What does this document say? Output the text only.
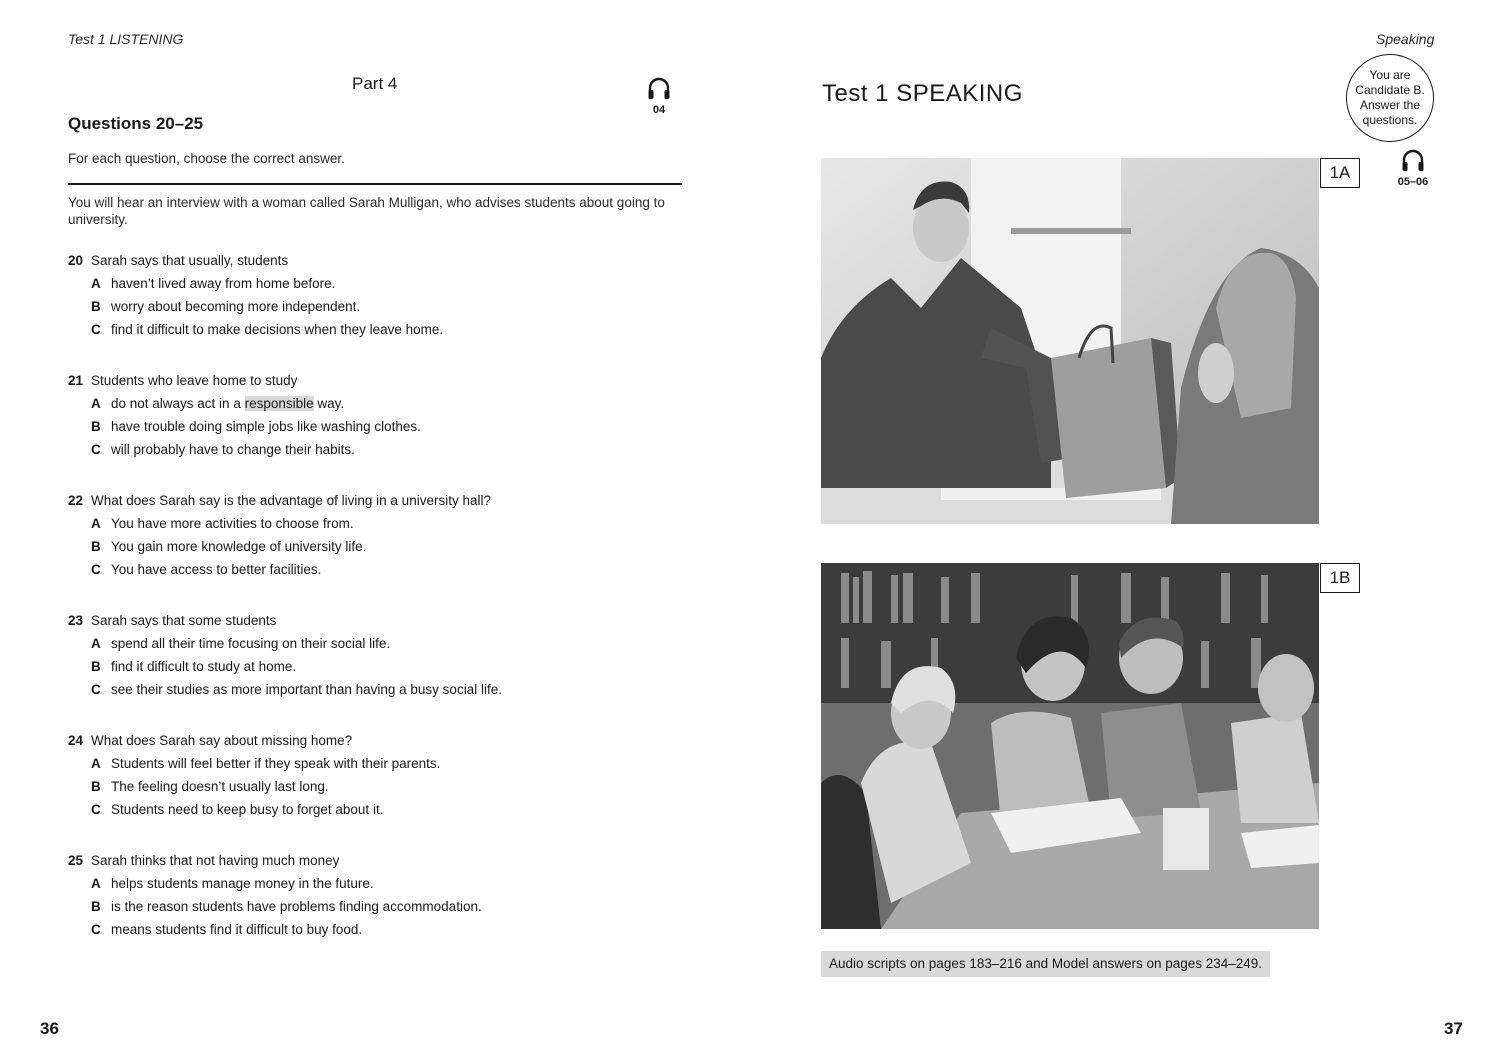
Test 1 LISTENING
Part 4
04
Questions 20–25
For each question, choose the correct answer.
You will hear an interview with a woman called Sarah Mulligan, who advises students about going to university.
20 Sarah says that usually, students
A haven’t lived away from home before.
B worry about becoming more independent.
C find it difficult to make decisions when they leave home.
21 Students who leave home to study
A do not always act in a responsible way.
B have trouble doing simple jobs like washing clothes.
C will probably have to change their habits.
22 What does Sarah say is the advantage of living in a university hall?
A You have more activities to choose from.
B You gain more knowledge of university life.
C You have access to better facilities.
23 Sarah says that some students
A spend all their time focusing on their social life.
B find it difficult to study at home.
C see their studies as more important than having a busy social life.
24 What does Sarah say about missing home?
A Students will feel better if they speak with their parents.
B The feeling doesn’t usually last long.
C Students need to keep busy to forget about it.
25 Sarah thinks that not having much money
A helps students manage money in the future.
B is the reason students have problems finding accommodation.
C means students find it difficult to buy food.
36
Speaking
Test 1 SPEAKING
You are Candidate B. Answer the questions.
05–06
1A
1B
Audio scripts on pages 183–216 and Model answers on pages 234–249.
37
